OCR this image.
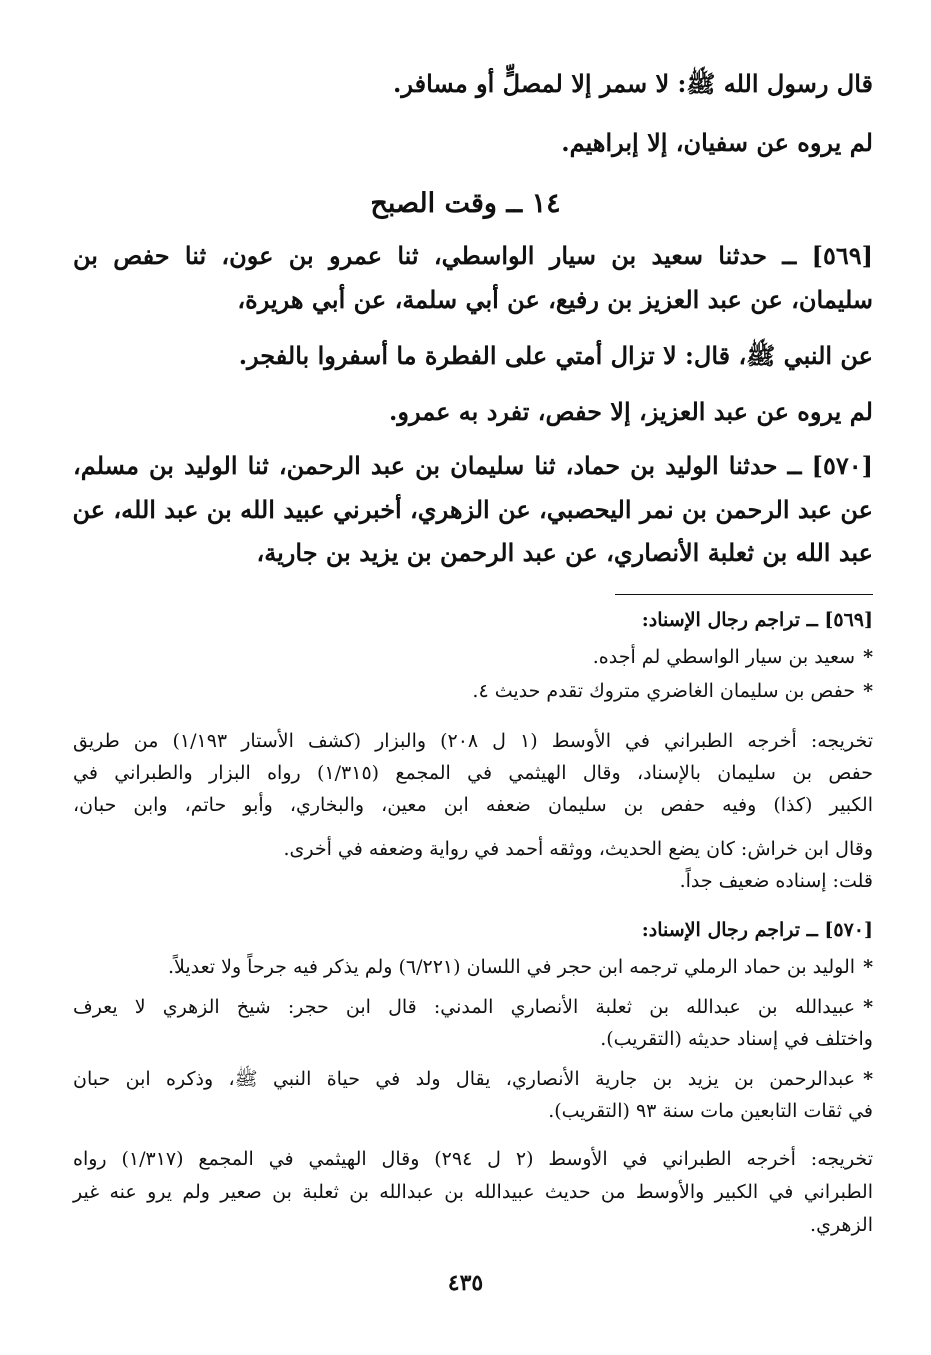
قال رسول الله ﷺ: لا سمر إلا لمصلٍّ أو مسافر.
لم يروه عن سفيان، إلا إبراهيم.
١٤ ــ وقت الصبح
[٥٦٩] ــ حدثنا سعيد بن سيار الواسطي، ثنا عمرو بن عون، ثنا حفص بن
سليمان، عن عبد العزيز بن رفيع، عن أبي سلمة، عن أبي هريرة،
عن النبي ﷺ، قال: لا تزال أمتي على الفطرة ما أسفروا بالفجر.
لم يروه عن عبد العزيز، إلا حفص، تفرد به عمرو.
[٥٧٠] ــ حدثنا الوليد بن حماد، ثنا سليمان بن عبد الرحمن، ثنا الوليد بن مسلم،
عن عبد الرحمن بن نمر اليحصبي، عن الزهري، أخبرني عبيد الله بن عبد الله، عن
عبد الله بن ثعلبة الأنصاري، عن عبد الرحمن بن يزيد بن جارية،
[٥٦٩] ــ تراجم رجال الإسناد:
*سعيد بن سيار الواسطي لم أجده.
*حفص بن سليمان الغاضري متروك تقدم حديث ٤.
تخريجه: أخرجه الطبراني في الأوسط (١ ل ٢٠٨) والبزار (كشف الأستار ١/١٩٣) من طريق
حفص بن سليمان بالإسناد، وقال الهيثمي في المجمع (١/٣١٥) رواه البزار والطبراني في
الكبير (كذا) وفيه حفص بن سليمان ضعفه ابن معين، والبخاري، وأبو حاتم، وابن حبان،
وقال ابن خراش: كان يضع الحديث، ووثقه أحمد في رواية وضعفه في أخرى.
قلت: إسناده ضعيف جداً.
[٥٧٠] ــ تراجم رجال الإسناد:
*الوليد بن حماد الرملي ترجمه ابن حجر في اللسان (٦/٢٢١) ولم يذكر فيه جرحاً ولا تعديلاً.
*عبيدالله بن عبدالله بن ثعلبة الأنصاري المدني: قال ابن حجر: شيخ الزهري لا يعرف
واختلف في إسناد حديثه (التقريب).
*عبدالرحمن بن يزيد بن جارية الأنصاري، يقال ولد في حياة النبي ﷺ، وذكره ابن حبان
في ثقات التابعين مات سنة ٩٣ (التقريب).
تخريجه: أخرجه الطبراني في الأوسط (٢ ل ٢٩٤) وقال الهيثمي في المجمع (١/٣١٧) رواه
الطبراني في الكبير والأوسط من حديث عبيدالله بن عبدالله بن ثعلبة بن صعير ولم يرو عنه غير
الزهري.
٤٣٥
